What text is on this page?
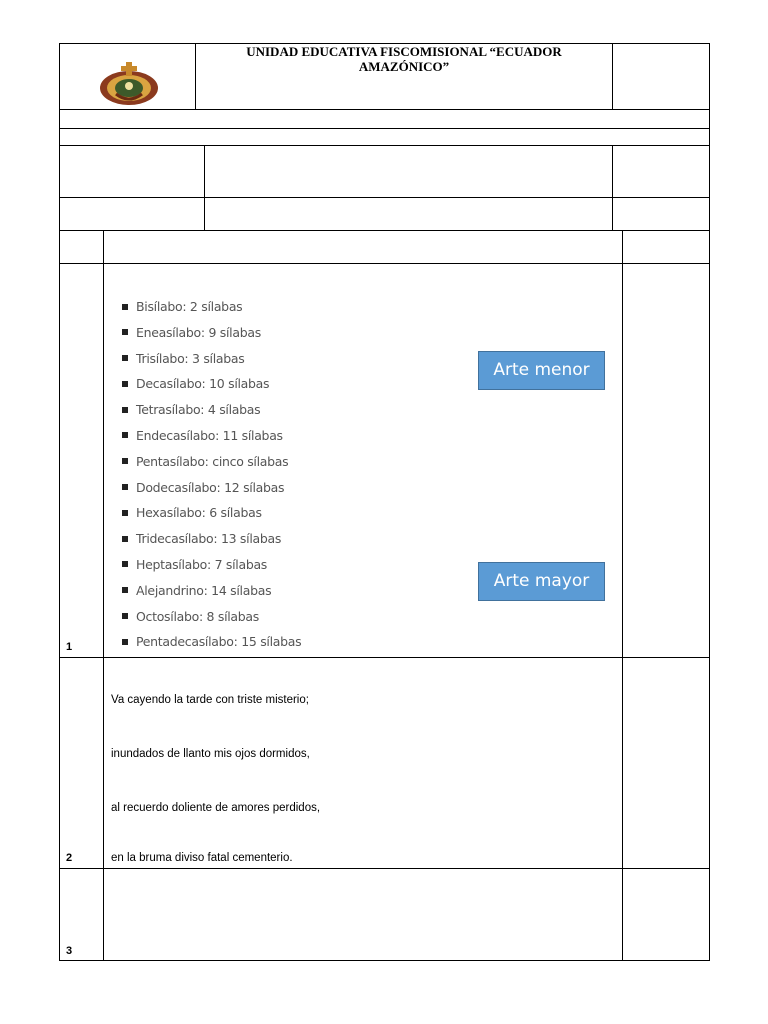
UNIDAD EDUCATIVA FISCOMISIONAL “ECUADOR
AMAZÓNICO”
Bisílabo: 2 sílabas
Eneasílabo: 9 sílabas
Trisílabo: 3 sílabas
Decasílabo: 10 sílabas
Tetrasílabo: 4 sílabas
Endecasílabo: 11 sílabas
Pentasílabo: cinco sílabas
Dodecasílabo: 12 sílabas
Hexasílabo: 6 sílabas
Tridecasílabo: 13 sílabas
Heptasílabo: 7 sílabas
Alejandrino: 14 sílabas
Octosílabo: 8 sílabas
Pentadecasílabo: 15 sílabas
Arte menor
Arte mayor
1
Va cayendo la tarde con triste misterio;
inundados de llanto mis ojos dormidos,
al recuerdo doliente de amores perdidos,
en la bruma diviso fatal cementerio.
2
3
